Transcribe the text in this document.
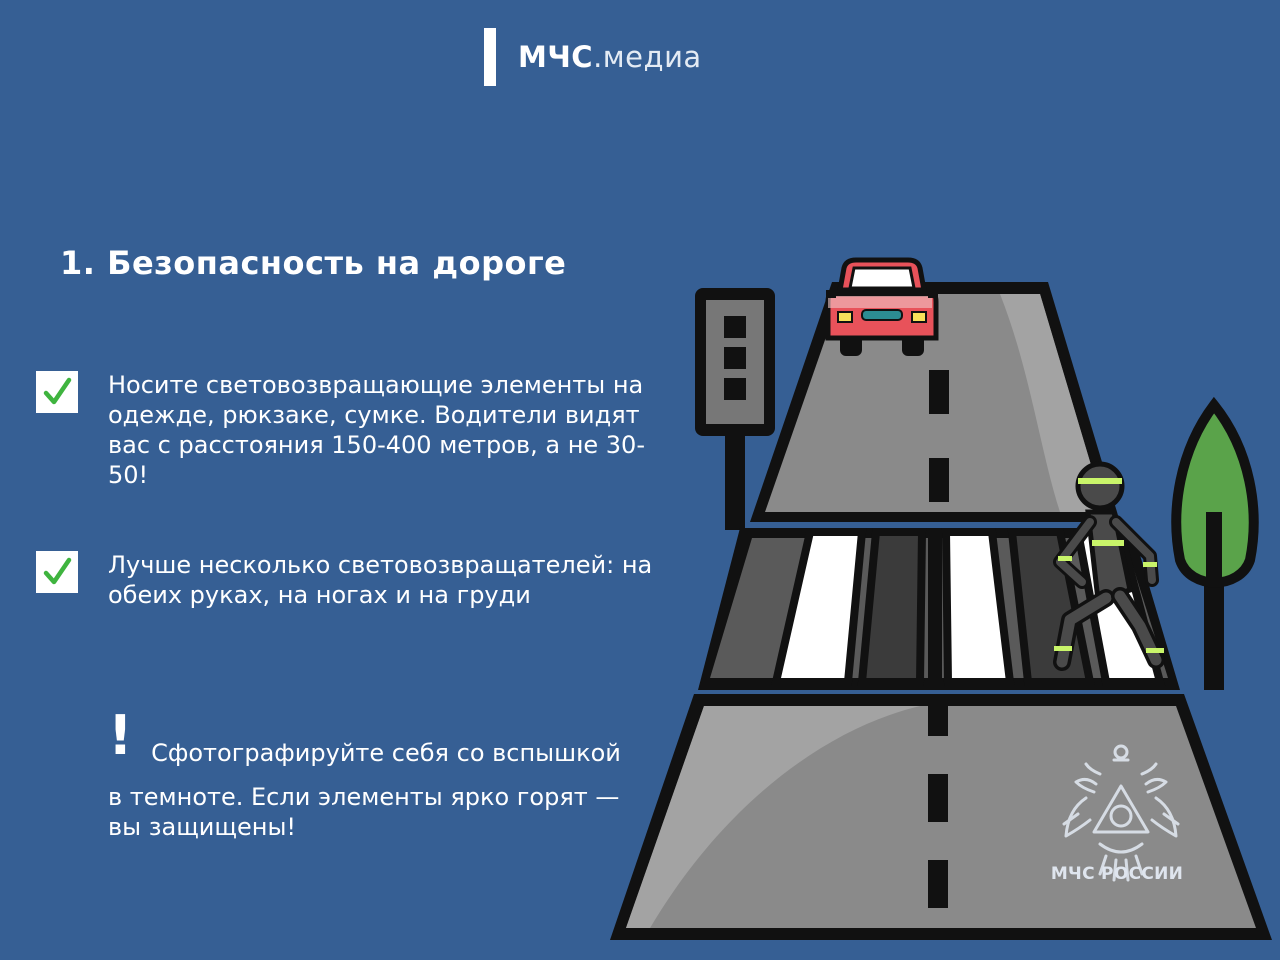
МЧС.медиа
1. Безопасность на дороге

Носите световозвращающие элементы на одежде, рюкзаке, сумке. Водители видят вас с расстояния 150-400 метров, а не 30-50!

Лучше несколько световозвращателей: на обеих руках, на ногах и на груди

! Сфотографируйте себя со вспышкой

в темноте. Если элементы ярко горят — вы защищены!

МЧС РОССИИ
